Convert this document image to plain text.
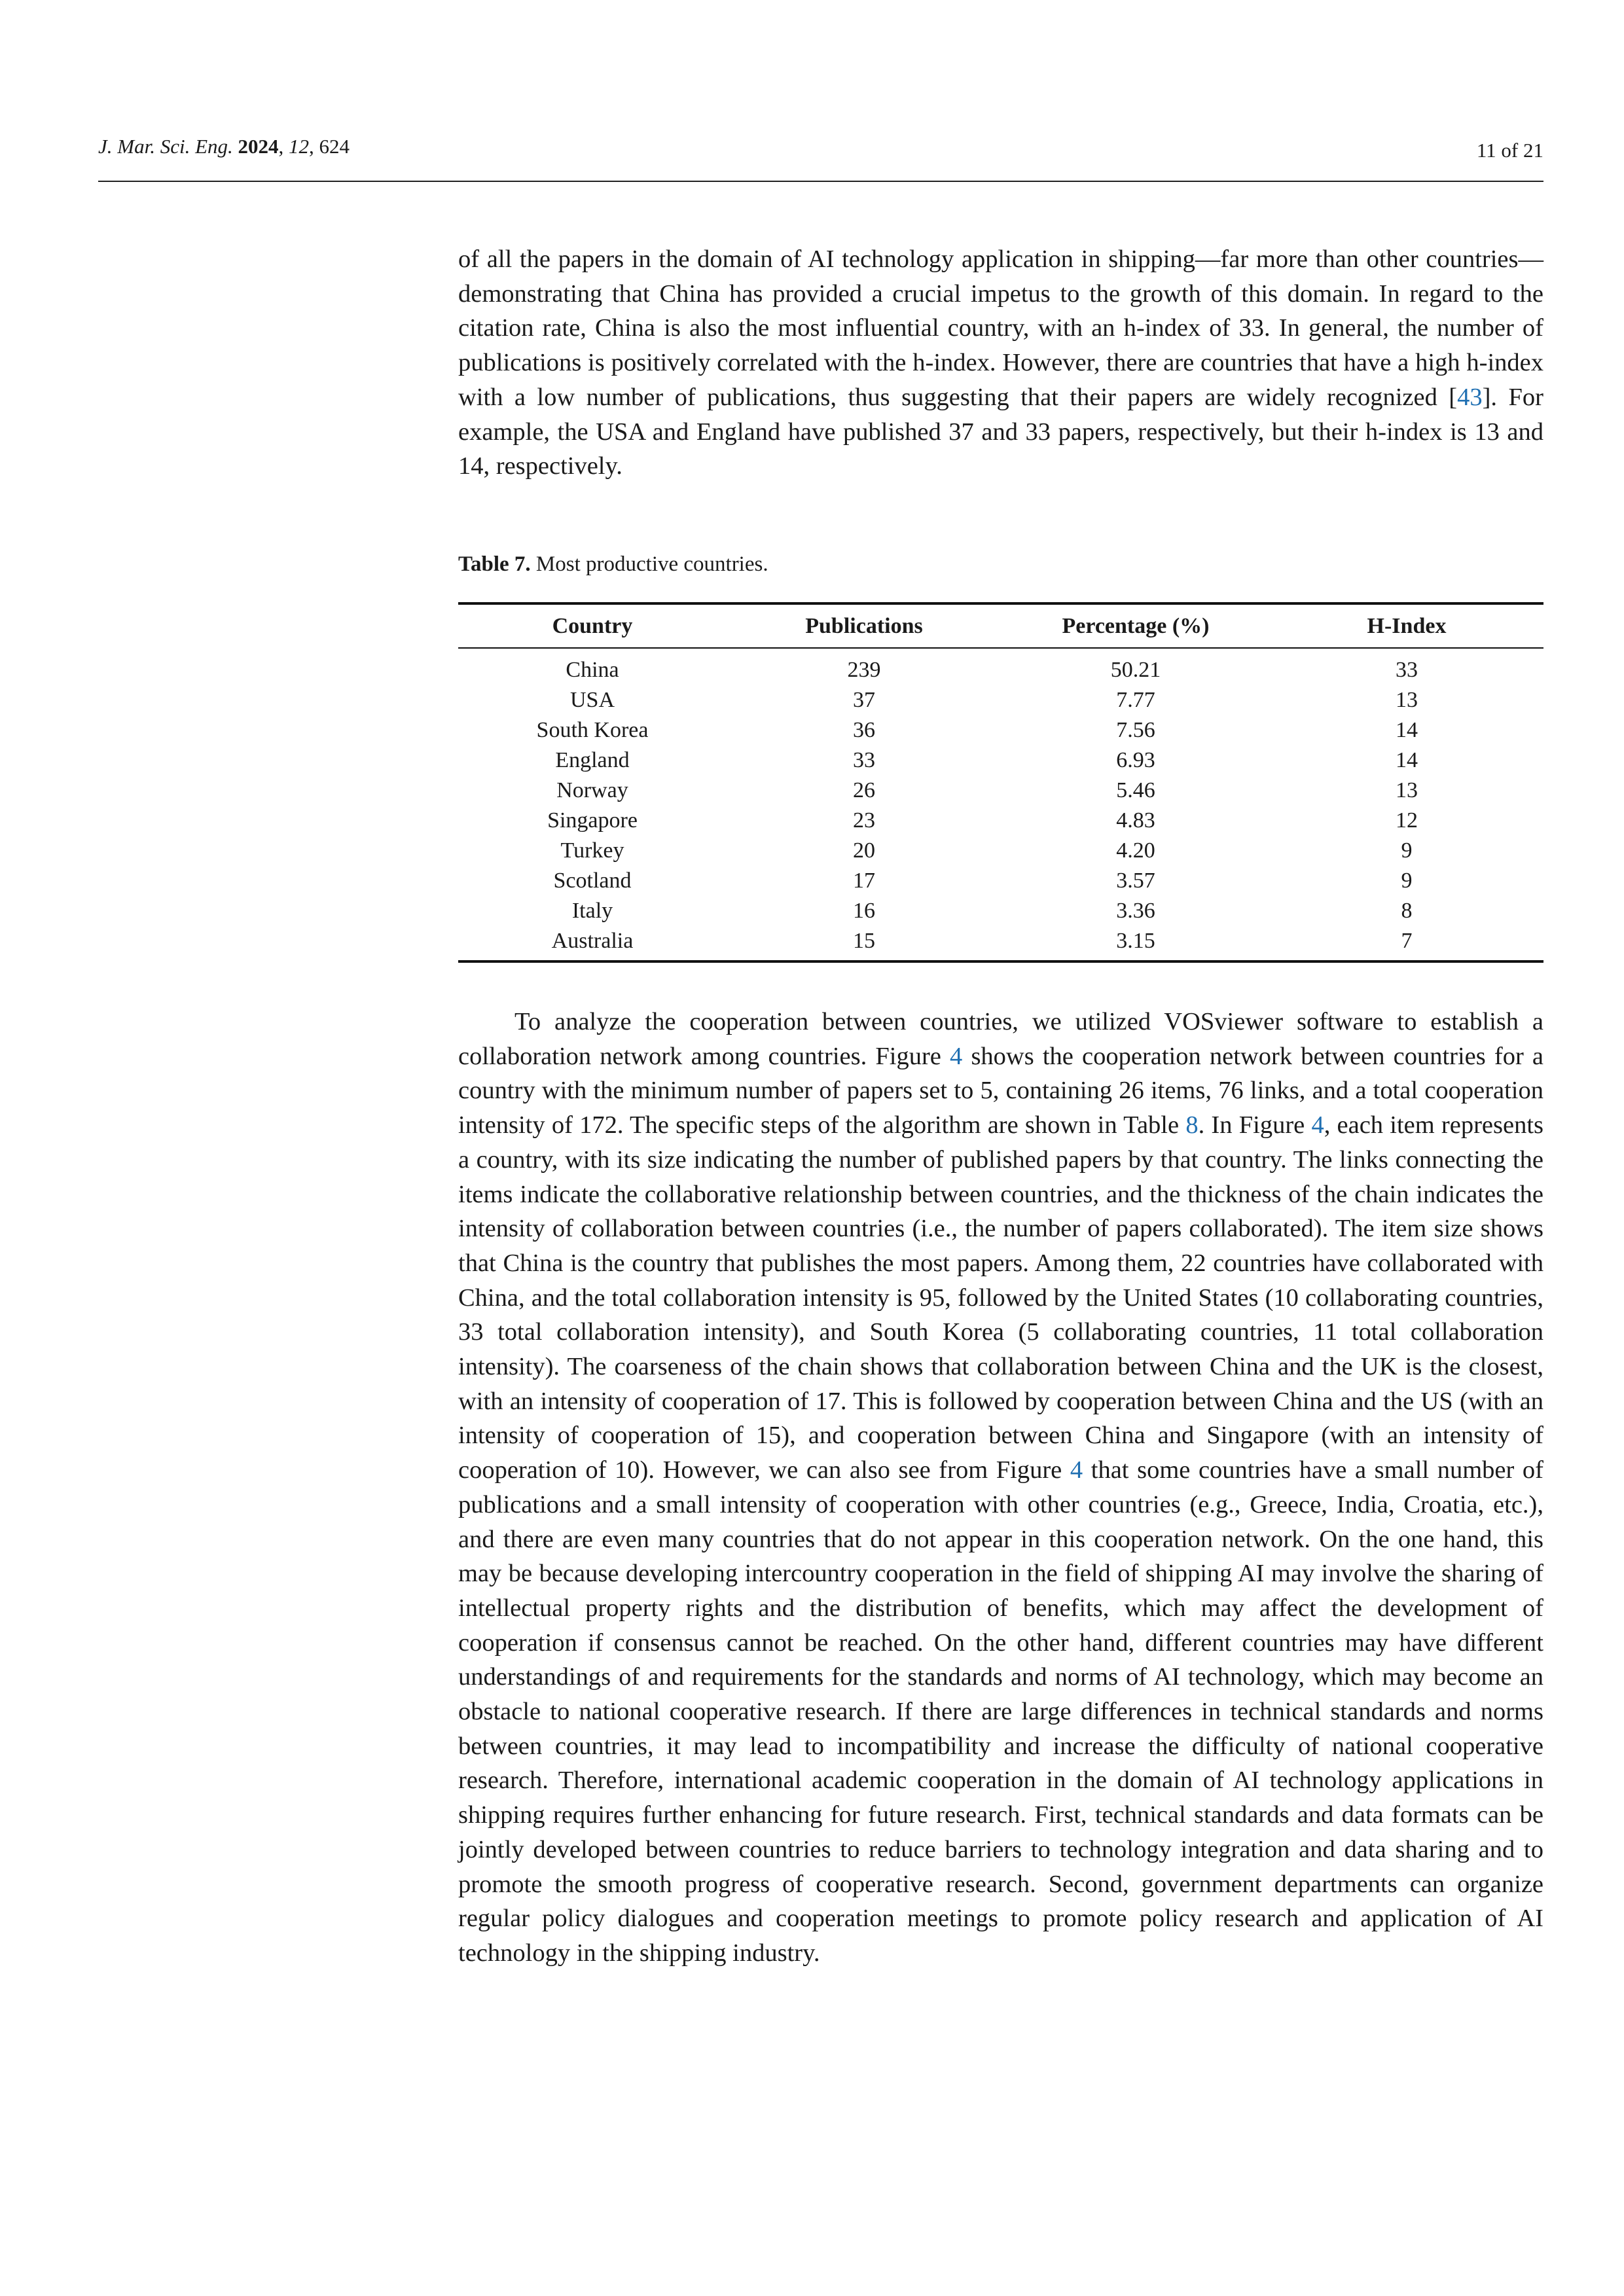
J. Mar. Sci. Eng. 2024, 12, 624	11 of 21

of all the papers in the domain of AI technology application in shipping—far more than other countries—demonstrating that China has provided a crucial impetus to the growth of this domain. In regard to the citation rate, China is also the most influential country, with an h-index of 33. In general, the number of publications is positively correlated with the h-index. However, there are countries that have a high h-index with a low number of publications, thus suggesting that their papers are widely recognized [43]. For example, the USA and England have published 37 and 33 papers, respectively, but their h-index is 13 and 14, respectively.

Table 7. Most productive countries.

Country	Publications	Percentage (%)	H-Index
China	239	50.21	33
USA	37	7.77	13
South Korea	36	7.56	14
England	33	6.93	14
Norway	26	5.46	13
Singapore	23	4.83	12
Turkey	20	4.20	9
Scotland	17	3.57	9
Italy	16	3.36	8
Australia	15	3.15	7

To analyze the cooperation between countries, we utilized VOSviewer software to establish a collaboration network among countries. Figure 4 shows the cooperation network between countries for a country with the minimum number of papers set to 5, containing 26 items, 76 links, and a total cooperation intensity of 172. The specific steps of the algorithm are shown in Table 8. In Figure 4, each item represents a country, with its size indicating the number of published papers by that country. The links connecting the items indicate the collaborative relationship between countries, and the thickness of the chain indicates the intensity of collaboration between countries (i.e., the number of papers collaborated). The item size shows that China is the country that publishes the most papers. Among them, 22 countries have collaborated with China, and the total collaboration intensity is 95, followed by the United States (10 collaborating countries, 33 total collaboration intensity), and South Korea (5 collaborating countries, 11 total collaboration intensity). The coarseness of the chain shows that collaboration between China and the UK is the closest, with an intensity of cooperation of 17. This is followed by cooperation between China and the US (with an intensity of cooperation of 15), and cooperation between China and Singapore (with an intensity of cooperation of 10). However, we can also see from Figure 4 that some countries have a small number of publications and a small intensity of cooperation with other countries (e.g., Greece, India, Croatia, etc.), and there are even many countries that do not appear in this cooperation network. On the one hand, this may be because developing intercountry cooperation in the field of shipping AI may involve the sharing of intellectual property rights and the distribution of benefits, which may affect the development of cooperation if consensus cannot be reached. On the other hand, different countries may have different understandings of and requirements for the standards and norms of AI technology, which may become an obstacle to national cooperative research. If there are large differences in technical standards and norms between countries, it may lead to incompatibility and increase the difficulty of national cooperative research. Therefore, international academic cooperation in the domain of AI technology applications in shipping requires further enhancing for future research. First, technical standards and data formats can be jointly developed between countries to reduce barriers to technology integration and data sharing and to promote the smooth progress of cooperative research. Second, government departments can organize regular policy dialogues and cooperation meetings to promote policy research and application of AI technology in the shipping industry.
